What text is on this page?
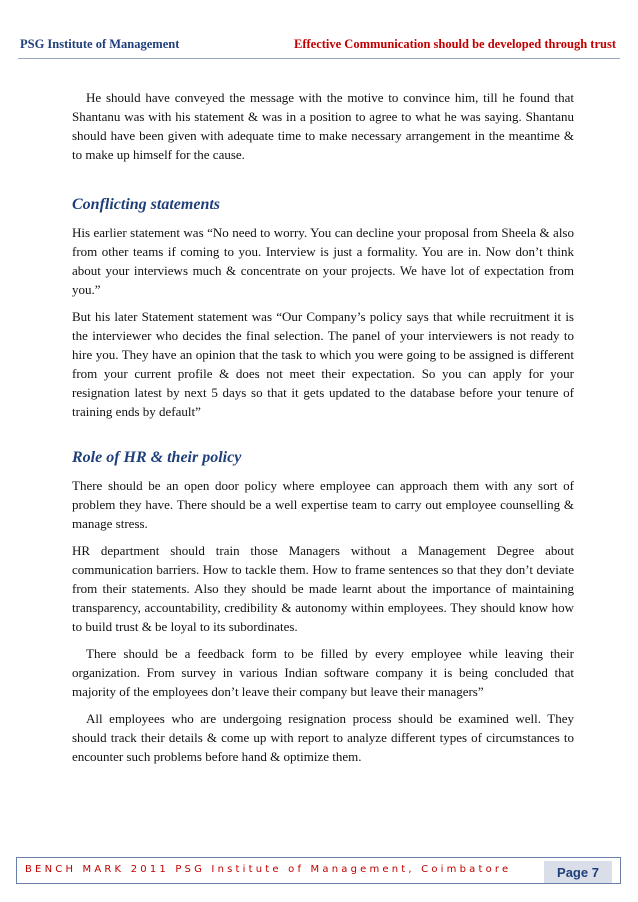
PSG Institute of Management	Effective Communication should be developed through trust

He should have conveyed the message with the motive to convince him, till he found that Shantanu was with his statement & was in a position to agree to what he was saying. Shantanu should have been given with adequate time to make necessary arrangement in the meantime & to make up himself for the cause.

Conflicting statements

His earlier statement was “No need to worry. You can decline your proposal from Sheela & also from other teams if coming to you. Interview is just a formality. You are in. Now don’t think about your interviews much & concentrate on your projects. We have lot of expectation from you.”

But his later Statement statement was “Our Company’s policy says that while recruitment it is the interviewer who decides the final selection. The panel of your interviewers is not ready to hire you. They have an opinion that the task to which you were going to be assigned is different from your current profile & does not meet their expectation. So you can apply for your resignation latest by next 5 days so that it gets updated to the database before your tenure of training ends by default”

Role of HR & their policy

There should be an open door policy where employee can approach them with any sort of problem they have. There should be a well expertise team to carry out employee counselling & manage stress.

HR department should train those Managers without a Management Degree about communication barriers. How to tackle them. How to frame sentences so that they don’t deviate from their statements. Also they should be made learnt about the importance of maintaining transparency, accountability, credibility & autonomy within employees. They should know how to build trust & be loyal to its subordinates.

There should be a feedback form to be filled by every employee while leaving their organization. From survey in various Indian software company it is being concluded that majority of the employees don’t leave their company but leave their managers”

All employees who are undergoing resignation process should be examined well. They should track their details & come up with report to analyze different types of circumstances to encounter such problems before hand & optimize them.

BENCH MARK 2011 PSG Institute of Management, Coimbatore	Page 7
